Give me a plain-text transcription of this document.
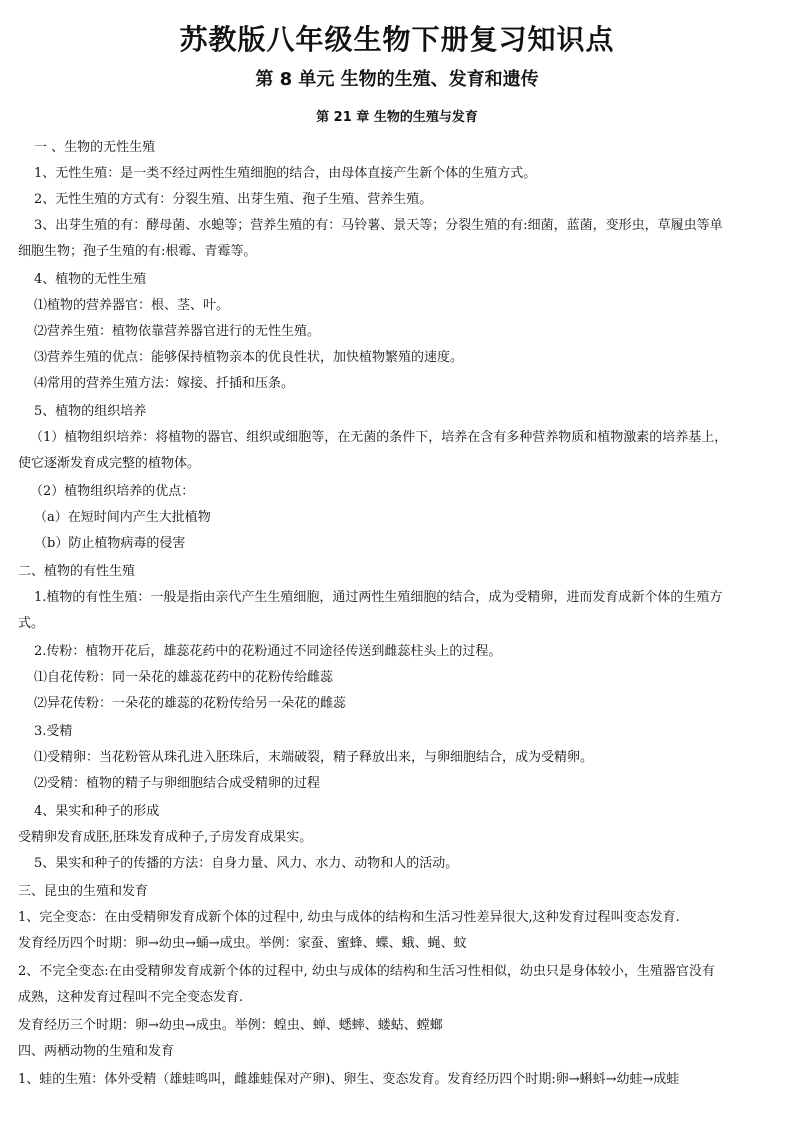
苏教版八年级生物下册复习知识点
第 8 单元 生物的生殖、发育和遗传
第 21 章 生物的生殖与发育
一 、生物的无性生殖
1、无性生殖：是一类不经过两性生殖细胞的结合，由母体直接产生新个体的生殖方式。
2、无性生殖的方式有：分裂生殖、出芽生殖、孢子生殖、营养生殖。
3、出芽生殖的有：酵母菌、水螅等；营养生殖的有：马铃薯、景天等；分裂生殖的有:细菌，蓝菌，变形虫，草履虫等单
细胞生物；孢子生殖的有:根霉、青霉等。
4、植物的无性生殖
⑴植物的营养器官：根、茎、叶。
⑵营养生殖：植物依靠营养器官进行的无性生殖。
⑶营养生殖的优点：能够保持植物亲本的优良性状，加快植物繁殖的速度。
⑷常用的营养生殖方法：嫁接、扦插和压条。
5、植物的组织培养
（1）植物组织培养：将植物的器官、组织或细胞等，在无菌的条件下，培养在含有多种营养物质和植物激素的培养基上，
使它逐渐发育成完整的植物体。
（2）植物组织培养的优点：
（a）在短时间内产生大批植物
（b）防止植物病毒的侵害
二、植物的有性生殖
1.植物的有性生殖：一般是指由亲代产生生殖细胞，通过两性生殖细胞的结合，成为受精卵，进而发育成新个体的生殖方
式。
2.传粉：植物开花后，雄蕊花药中的花粉通过不同途径传送到雌蕊柱头上的过程。
⑴自花传粉：同一朵花的雄蕊花药中的花粉传给雌蕊
⑵异花传粉：一朵花的雄蕊的花粉传给另一朵花的雌蕊
3.受精
⑴受精卵：当花粉管从珠孔进入胚珠后，末端破裂，精子释放出来，与卵细胞结合，成为受精卵。
⑵受精：植物的精子与卵细胞结合成受精卵的过程
4、果实和种子的形成
受精卵发育成胚,胚珠发育成种子,子房发育成果实。
5、果实和种子的传播的方法：自身力量、风力、水力、动物和人的活动。
三、昆虫的生殖和发育
1、完全变态：在由受精卵发育成新个体的过程中, 幼虫与成体的结构和生活习性差异很大,这种发育过程叫变态发育.
发育经历四个时期：卵→幼虫→蛹→成虫。举例：家蚕、蜜蜂、蝶、蛾、蝇、蚊
2、不完全变态:在由受精卵发育成新个体的过程中, 幼虫与成体的结构和生活习性相似，幼虫只是身体较小，生殖器官没有
成熟，这种发育过程叫不完全变态发育.
发育经历三个时期：卵→幼虫→成虫。举例：蝗虫、蝉、蟋蟀、蝼蛄、螳螂
四、两栖动物的生殖和发育
1、蛙的生殖：体外受精（雄蛙鸣叫，雌雄蛙保对产卵)、卵生、变态发育。发育经历四个时期:卵→蝌蚪→幼蛙→成蛙
